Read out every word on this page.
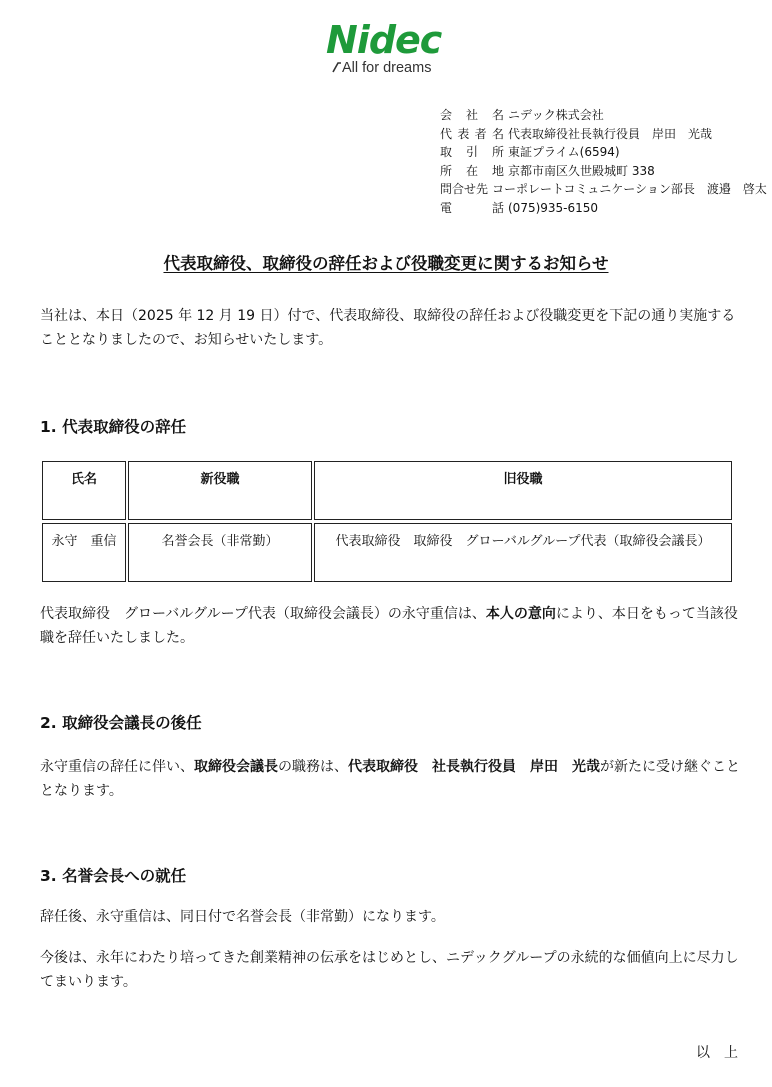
Nidec
All for dreams
会社名 ニデック株式会社
代表者名 代表取締役社長執行役員　岸田　光哉
取引所 東証プライム(6594)
所在地 京都市南区久世殿城町 338
問合せ先 コーポレートコミュニケーション部長　渡邉　啓太
電話 (075)935-6150
代表取締役、取締役の辞任および役職変更に関するお知らせ
当社は、本日（2025 年 12 月 19 日）付で、代表取締役、取締役の辞任および役職変更を下記の通り実施することとなりましたので、お知らせいたします。
1. 代表取締役の辞任
氏名	新役職	旧役職
永守　重信	名誉会長（非常勤）	代表取締役　取締役　グローバルグループ代表（取締役会議長）
代表取締役　グローバルグループ代表（取締役会議長）の永守重信は、本人の意向により、本日をもって当該役職を辞任いたしました。
2. 取締役会議長の後任
永守重信の辞任に伴い、取締役会議長の職務は、代表取締役　社長執行役員　岸田　光哉が新たに受け継ぐこととなります。
3. 名誉会長への就任
辞任後、永守重信は、同日付で名誉会長（非常勤）になります。
今後は、永年にわたり培ってきた創業精神の伝承をはじめとし、ニデックグループの永続的な価値向上に尽力してまいります。
以　上
